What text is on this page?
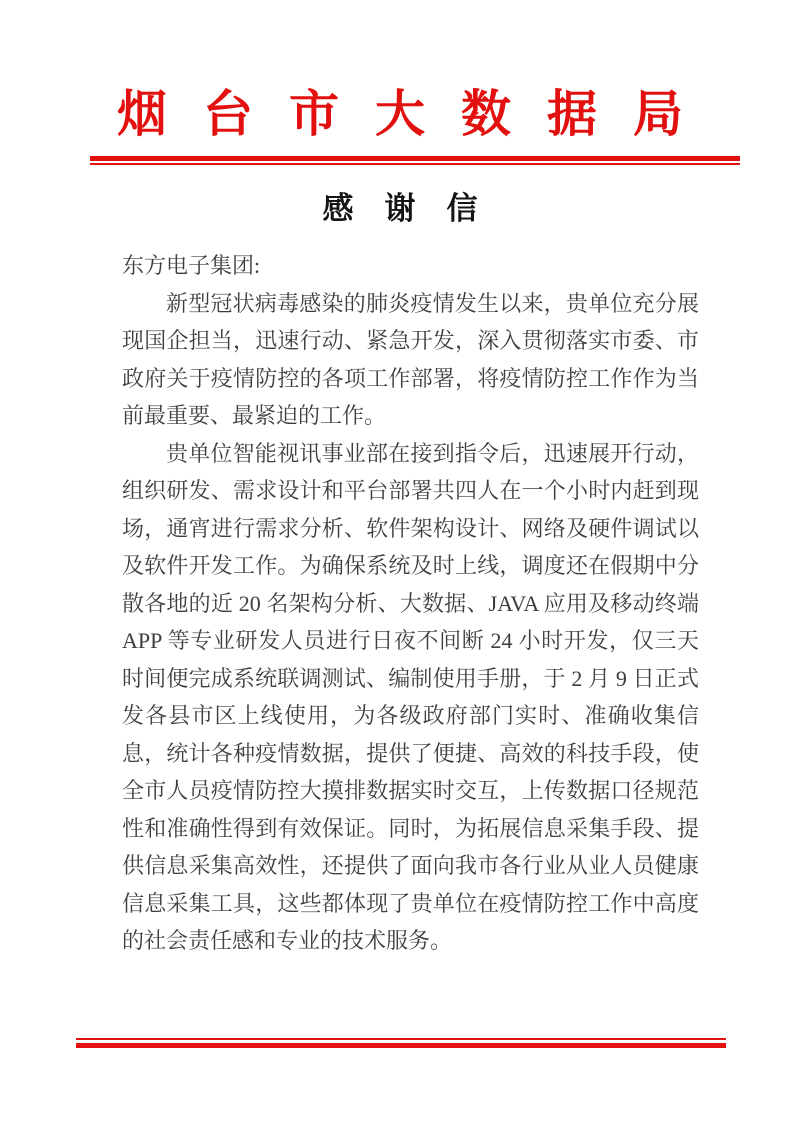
烟台市大数据局
感谢信

东方电子集团:

新型冠状病毒感染的肺炎疫情发生以来，贵单位充分展现国企担当，迅速行动、紧急开发，深入贯彻落实市委、市政府关于疫情防控的各项工作部署，将疫情防控工作作为当前最重要、最紧迫的工作。

贵单位智能视讯事业部在接到指令后，迅速展开行动，组织研发、需求设计和平台部署共四人在一个小时内赶到现场，通宵进行需求分析、软件架构设计、网络及硬件调试以及软件开发工作。为确保系统及时上线，调度还在假期中分散各地的近 20 名架构分析、大数据、JAVA 应用及移动终端 APP 等专业研发人员进行日夜不间断 24 小时开发，仅三天时间便完成系统联调测试、编制使用手册，于 2 月 9 日正式发各县市区上线使用，为各级政府部门实时、准确收集信息，统计各种疫情数据，提供了便捷、高效的科技手段，使全市人员疫情防控大摸排数据实时交互，上传数据口径规范性和准确性得到有效保证。同时，为拓展信息采集手段、提供信息采集高效性，还提供了面向我市各行业从业人员健康信息采集工具，这些都体现了贵单位在疫情防控工作中高度的社会责任感和专业的技术服务。
